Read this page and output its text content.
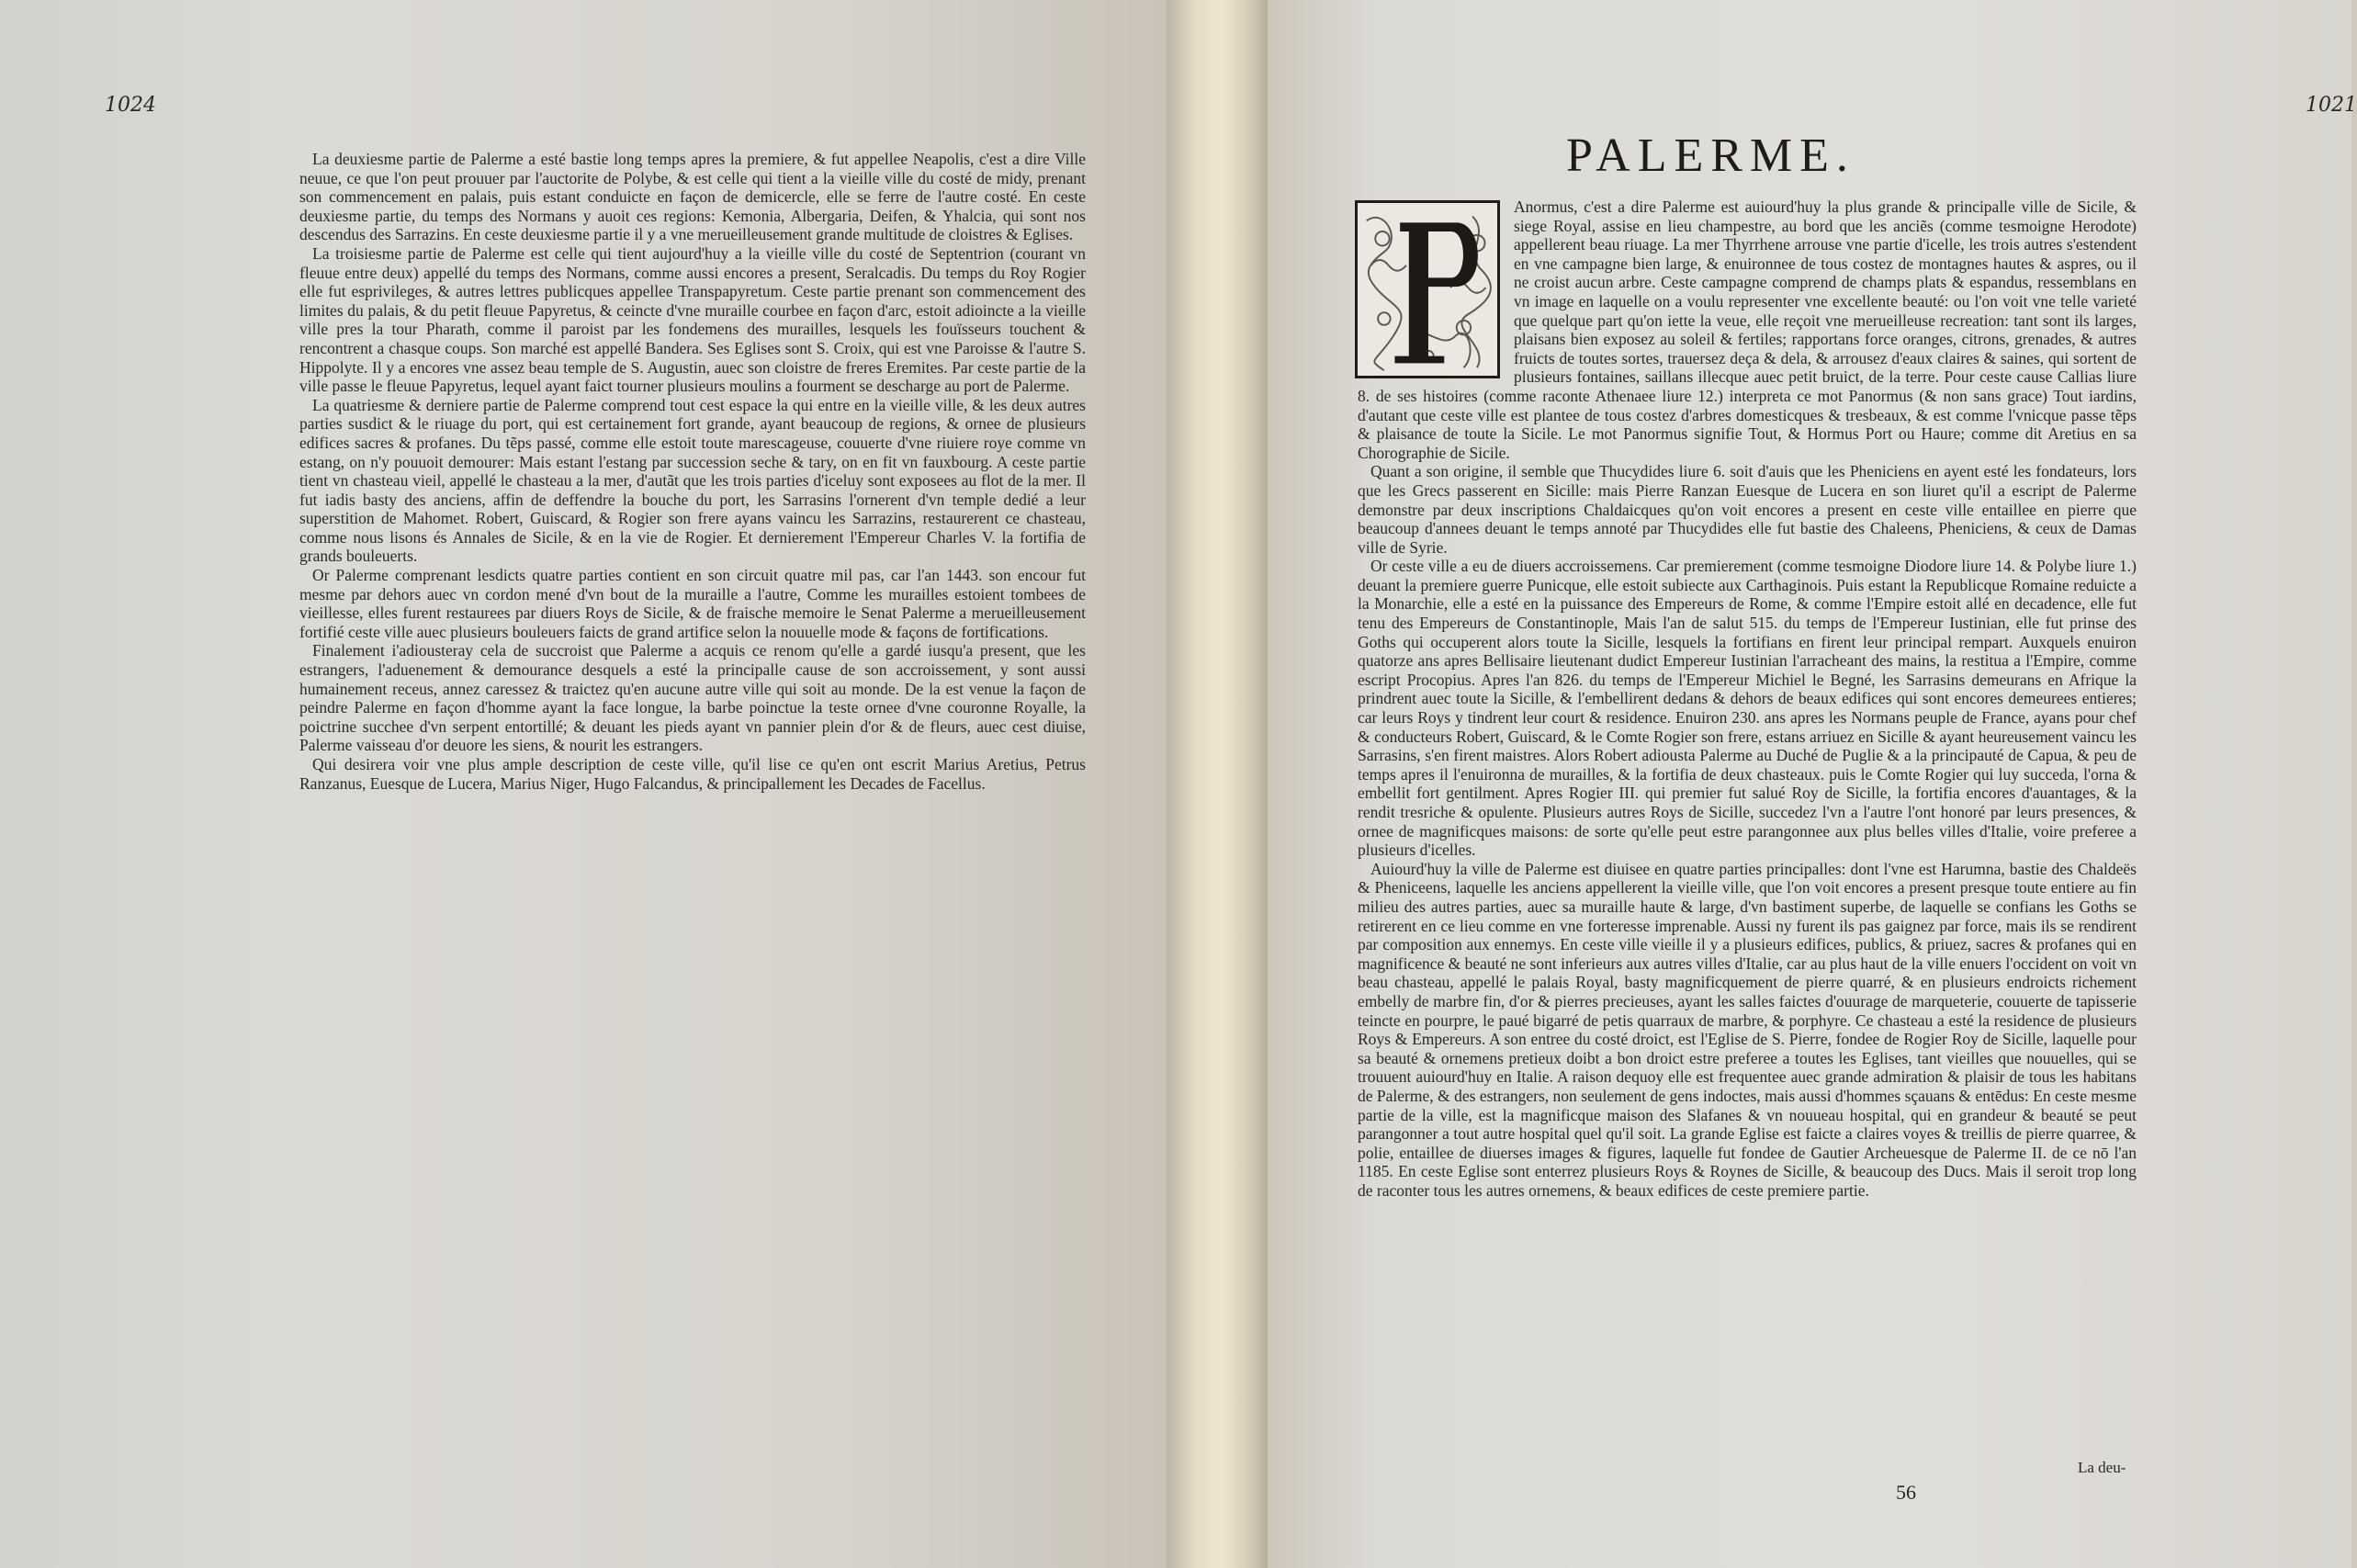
1024

La deuxiesme partie de Palerme a esté bastie long temps apres la premiere, & fut appellee Neapolis, c'est a dire Ville neuue, ce que l'on peut prouuer par l'auctorite de Polybe, & est celle qui tient a la vieille ville du costé de midy, prenant son commencement en palais, puis estant conduicte en façon de demicercle, elle se ferre de l'autre costé. En ceste deuxiesme partie, du temps des Normans y auoit ces regions: Kemonia, Albergaria, Deifen, & Yhalcia, qui sont nos descendus des Sarrazins. En ceste deuxiesme partie il y a vne merueilleusement grande multitude de cloistres & Eglises.

La troisiesme partie de Palerme est celle qui tient aujourd'huy a la vieille ville du costé de Septentrion (courant vn fleuue entre deux) appellé du temps des Normans, comme aussi encores a present, Seralcadis. Du temps du Roy Rogier elle fut esprivileges, & autres lettres publicques appellee Transpapyretum. Ceste partie prenant son commencement des limites du palais, & du petit fleuue Papyretus, & ceincte d'vne muraille courbee en façon d'arc, estoit adioincte a la vieille ville pres la tour Pharath, comme il paroist par les fondemens des murailles, lesquels les fouïsseurs touchent & rencontrent a chasque coups. Son marché est appellé Bandera. Ses Eglises sont S. Croix, qui est vne Paroisse & l'autre S. Hippolyte. Il y a encores vne assez beau temple de S. Augustin, auec son cloistre de freres Eremites. Par ceste partie de la ville passe le fleuue Papyretus, lequel ayant faict tourner plusieurs moulins a fourment se descharge au port de Palerme.

La quatriesme & derniere partie de Palerme comprend tout cest espace la qui entre en la vieille ville, & les deux autres parties susdict & le riuage du port, qui est certainement fort grande, ayant beaucoup de regions, & ornee de plusieurs edifices sacres & profanes. Du tẽps passé, comme elle estoit toute marescageuse, couuerte d'vne riuiere roye comme vn estang, on n'y pouuoit demourer: Mais estant l'estang par succession seche & tary, on en fit vn fauxbourg. A ceste partie tient vn chasteau vieil, appellé le chasteau a la mer, d'autãt que les trois parties d'iceluy sont exposees au flot de la mer. Il fut iadis basty des anciens, affin de deffendre la bouche du port, les Sarrasins l'ornerent d'vn temple dedié a leur superstition de Mahomet. Robert, Guiscard, & Rogier son frere ayans vaincu les Sarrazins, restaurerent ce chasteau, comme nous lisons és Annales de Sicile, & en la vie de Rogier. Et dernierement l'Empereur Charles V. la fortifia de grands bouleuerts.

Or Palerme comprenant lesdicts quatre parties contient en son circuit quatre mil pas, car l'an 1443. son encour fut mesme par dehors auec vn cordon mené d'vn bout de la muraille a l'autre, Comme les murailles estoient tombees de vieillesse, elles furent restaurees par diuers Roys de Sicile, & de fraische memoire le Senat Palerme a merueilleusement fortifié ceste ville auec plusieurs bouleuers faicts de grand artifice selon la nouuelle mode & façons de fortifications.

Finalement i'adiousteray cela de succroist que Palerme a acquis ce renom qu'elle a gardé iusqu'a present, que les estrangers, l'aduenement & demourance desquels a esté la principalle cause de son accroissement, y sont aussi humainement receus, annez caressez & traictez qu'en aucune autre ville qui soit au monde. De la est venue la façon de peindre Palerme en façon d'homme ayant la face longue, la barbe poinctue la teste ornee d'vne couronne Royalle, la poictrine succhee d'vn serpent entortillé; & deuant les pieds ayant vn pannier plein d'or & de fleurs, auec cest diuise, Palerme vaisseau d'or deuore les siens, & nourit les estrangers.

Qui desirera voir vne plus ample description de ceste ville, qu'il lise ce qu'en ont escrit Marius Aretius, Petrus Ranzanus, Euesque de Lucera, Marius Niger, Hugo Falcandus, & principallement les Decades de Facellus.

1021
PALERME.

Anormus, c'est a dire Palerme est auiourd'huy la plus grande & principalle ville de Sicile, & siege Royal, assise en lieu champestre, au bord que les anciẽs (comme tesmoigne Herodote) appellerent beau riuage. La mer Thyrrhene arrouse vne partie d'icelle, les trois autres s'estendent en vne campagne bien large, & enuironnee de tous costez de montagnes hautes & aspres, ou il ne croist aucun arbre. Ceste campagne comprend de champs plats & espandus, ressemblans en vn image en laquelle on a voulu representer vne excellente beauté: ou l'on voit vne telle varieté que quelque part qu'on iette la veue, elle reçoit vne merueilleuse recreation: tant sont ils larges, plaisans bien exposez au soleil & fertiles; rapportans force oranges, citrons, grenades, & autres fruicts de toutes sortes, trauersez deça & dela, & arrousez d'eaux claires & saines, qui sortent de plusieurs fontaines, saillans illecque auec petit bruict, de la terre. Pour ceste cause Callias liure 8. de ses histoires (comme raconte Athenaee liure 12.) interpreta ce mot Panormus (& non sans grace) Tout iardins, d'autant que ceste ville est plantee de tous costez d'arbres domesticques & tresbeaux, & est comme l'vnicque passe tẽps & plaisance de toute la Sicile. Le mot Panormus signifie Tout, & Hormus Port ou Haure; comme dit Aretius en sa Chorographie de Sicile.

Quant a son origine, il semble que Thucydides liure 6. soit d'auis que les Pheniciens en ayent esté les fondateurs, lors que les Grecs passerent en Sicille: mais Pierre Ranzan Euesque de Lucera en son liuret qu'il a escript de Palerme demonstre par deux inscriptions Chaldaicques qu'on voit encores a present en ceste ville entaillee en pierre que beaucoup d'annees deuant le temps annoté par Thucydides elle fut bastie des Chaleens, Pheniciens, & ceux de Damas ville de Syrie.

Or ceste ville a eu de diuers accroissemens. Car premierement (comme tesmoigne Diodore liure 14. & Polybe liure 1.) deuant la premiere guerre Punicque, elle estoit subiecte aux Carthaginois. Puis estant la Republicque Romaine reduicte a la Monarchie, elle a esté en la puissance des Empereurs de Rome, & comme l'Empire estoit allé en decadence, elle fut tenu des Empereurs de Constantinople, Mais l'an de salut 515. du temps de l'Empereur Iustinian, elle fut prinse des Goths qui occuperent alors toute la Sicille, lesquels la fortifians en firent leur principal rempart. Auxquels enuiron quatorze ans apres Bellisaire lieutenant dudict Empereur Iustinian l'arracheant des mains, la restitua a l'Empire, comme escript Procopius. Apres l'an 826. du temps de l'Empereur Michiel le Begné, les Sarrasins demeurans en Afrique la prindrent auec toute la Sicille, & l'embellirent dedans & dehors de beaux edifices qui sont encores demeurees entieres; car leurs Roys y tindrent leur court & residence. Enuiron 230. ans apres les Normans peuple de France, ayans pour chef & conducteurs Robert, Guiscard, & le Comte Rogier son frere, estans arriuez en Sicille & ayant heureusement vaincu les Sarrasins, s'en firent maistres. Alors Robert adiousta Palerme au Duché de Puglie & a la principauté de Capua, & peu de temps apres il l'enuironna de murailles, & la fortifia de deux chasteaux. puis le Comte Rogier qui luy succeda, l'orna & embellit fort gentilment. Apres Rogier III. qui premier fut salué Roy de Sicille, la fortifia encores d'auantages, & la rendit tresriche & opulente. Plusieurs autres Roys de Sicille, succedez l'vn a l'autre l'ont honoré par leurs presences, & ornee de magnificques maisons: de sorte qu'elle peut estre parangonnee aux plus belles villes d'Italie, voire preferee a plusieurs d'icelles.

Auiourd'huy la ville de Palerme est diuisee en quatre parties principalles: dont l'vne est Harumna, bastie des Chaldeës & Pheniceens, laquelle les anciens appellerent la vieille ville, que l'on voit encores a present presque toute entiere au fin milieu des autres parties, auec sa muraille haute & large, d'vn bastiment superbe, de laquelle se confians les Goths se retirerent en ce lieu comme en vne forteresse imprenable. Aussi ny furent ils pas gaignez par force, mais ils se rendirent par composition aux ennemys. En ceste ville vieille il y a plusieurs edifices, publics, & priuez, sacres & profanes qui en magnificence & beauté ne sont inferieurs aux autres villes d'Italie, car au plus haut de la ville enuers l'occident on voit vn beau chasteau, appellé le palais Royal, basty magnificquement de pierre quarré, & en plusieurs endroicts richement embelly de marbre fin, d'or & pierres precieuses, ayant les salles faictes d'ouurage de marqueterie, couuerte de tapisserie teincte en pourpre, le paué bigarré de petis quarraux de marbre, & porphyre. Ce chasteau a esté la residence de plusieurs Roys & Empereurs. A son entree du costé droict, est l'Eglise de S. Pierre, fondee de Rogier Roy de Sicille, laquelle pour sa beauté & ornemens pretieux doibt a bon droict estre preferee a toutes les Eglises, tant vieilles que nouuelles, qui se trouuent auiourd'huy en Italie. A raison dequoy elle est frequentee auec grande admiration & plaisir de tous les habitans de Palerme, & des estrangers, non seulement de gens indoctes, mais aussi d'hommes sçauans & entēdus: En ceste mesme partie de la ville, est la magnificque maison des Slafanes & vn nouueau hospital, qui en grandeur & beauté se peut parangonner a tout autre hospital quel qu'il soit. La grande Eglise est faicte a claires voyes & treillis de pierre quarree, & polie, entaillee de diuerses images & figures, laquelle fut fondee de Gautier Archeuesque de Palerme II. de ce nō l'an 1185. En ceste Eglise sont enterrez plusieurs Roys & Roynes de Sicille, & beaucoup des Ducs. Mais il seroit trop long de raconter tous les autres ornemens, & beaux edifices de ceste premiere partie.

La deu-
56
